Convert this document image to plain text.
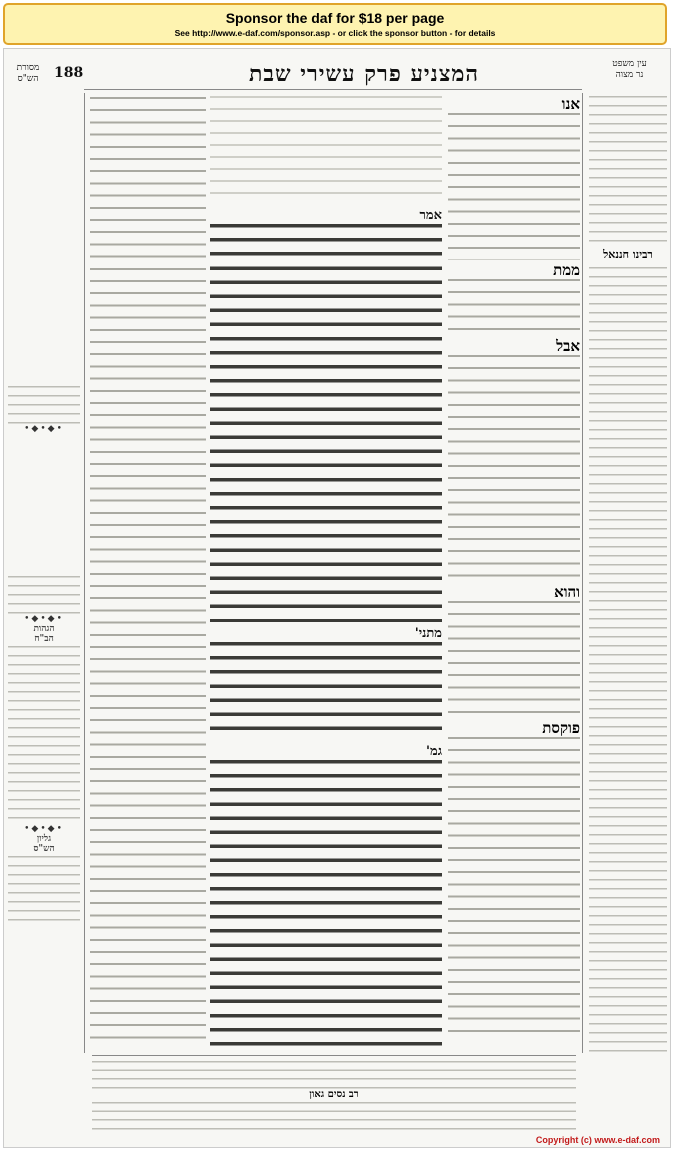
Sponsor the daf for $18 per page
See http://www.e-daf.com/sponsor.asp - or click the sponsor button - for details
עין משפט
נר מצוה
המצניע פרק עשירי שבת
188
מסורת
הש"ס
רבינו חננאל
אנו
ממת
אבל
והוא
פוקסת
אמר
מתני'
גמ'
•◆•◆•
•◆•◆•
הגהות
הב"ח
•◆•◆•
גליון
הש"ס
רב נסים גאון
Copyright (c) www.e-daf.com
